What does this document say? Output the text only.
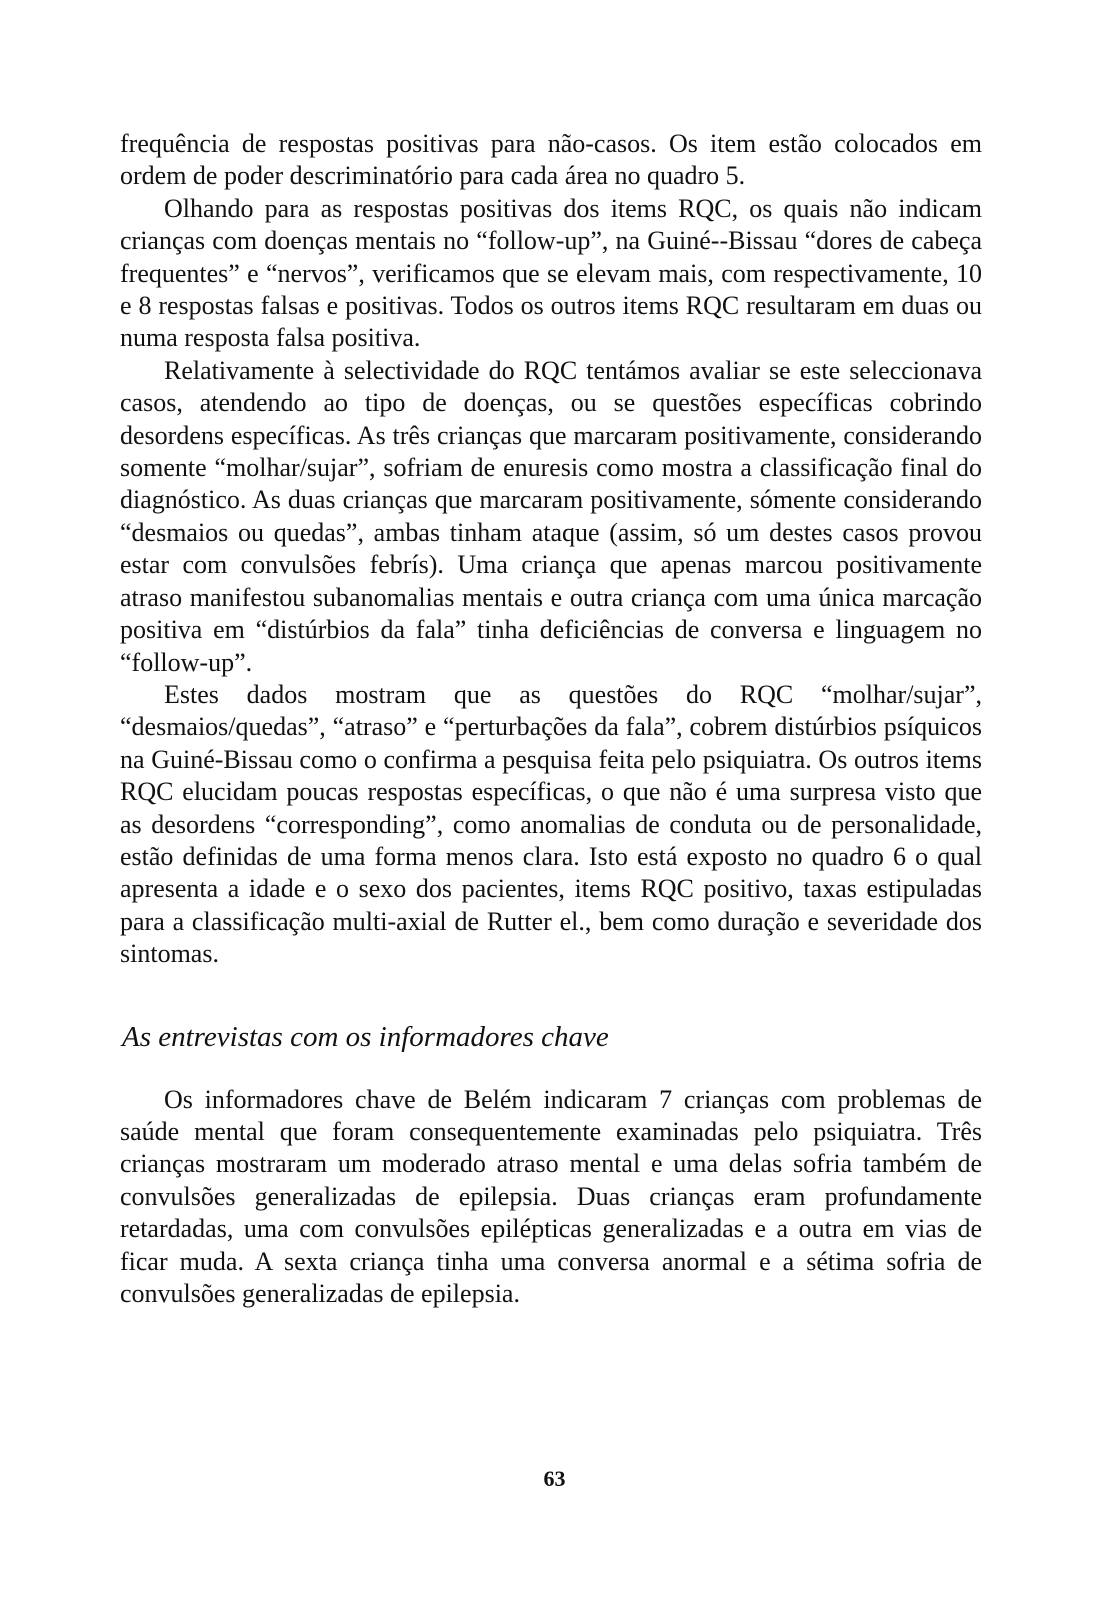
frequência de respostas positivas para não-casos. Os item estão colocados em ordem de poder descriminatório para cada área no quadro 5.

Olhando para as respostas positivas dos items RQC, os quais não indicam crianças com doenças mentais no “follow-up”, na Guiné--Bissau “dores de cabeça frequentes” e “nervos”, verificamos que se elevam mais, com respectivamente, 10 e 8 respostas falsas e positivas. Todos os outros items RQC resultaram em duas ou numa resposta falsa positiva.

Relativamente à selectividade do RQC tentámos avaliar se este seleccionava casos, atendendo ao tipo de doenças, ou se questões específicas cobrindo desordens específicas. As três crianças que marcaram positivamente, considerando somente “molhar/sujar”, sofriam de enuresis como mostra a classificação final do diagnóstico. As duas crianças que marcaram positivamente, sómente considerando “desmaios ou quedas”, ambas tinham ataque (assim, só um destes casos provou estar com convulsões febrís). Uma criança que apenas marcou positivamente atraso manifestou subanomalias mentais e outra criança com uma única marcação positiva em “distúrbios da fala” tinha deficiências de conversa e linguagem no “follow-up”.

Estes dados mostram que as questões do RQC “molhar/sujar”, “desmaios/quedas”, “atraso” e “perturbações da fala”, cobrem distúrbios psíquicos na Guiné-Bissau como o confirma a pesquisa feita pelo psiquiatra. Os outros items RQC elucidam poucas respostas específicas, o que não é uma surpresa visto que as desordens “corresponding”, como anomalias de conduta ou de personalidade, estão definidas de uma forma menos clara. Isto está exposto no quadro 6 o qual apresenta a idade e o sexo dos pacientes, items RQC positivo, taxas estipuladas para a classificação multi-axial de Rutter el., bem como duração e severidade dos sintomas.

As entrevistas com os informadores chave

Os informadores chave de Belém indicaram 7 crianças com problemas de saúde mental que foram consequentemente examinadas pelo psiquiatra. Três crianças mostraram um moderado atraso mental e uma delas sofria também de convulsões generalizadas de epilepsia. Duas crianças eram profundamente retardadas, uma com convulsões epilépticas generalizadas e a outra em vias de ficar muda. A sexta criança tinha uma conversa anormal e a sétima sofria de convulsões generalizadas de epilepsia.

63
